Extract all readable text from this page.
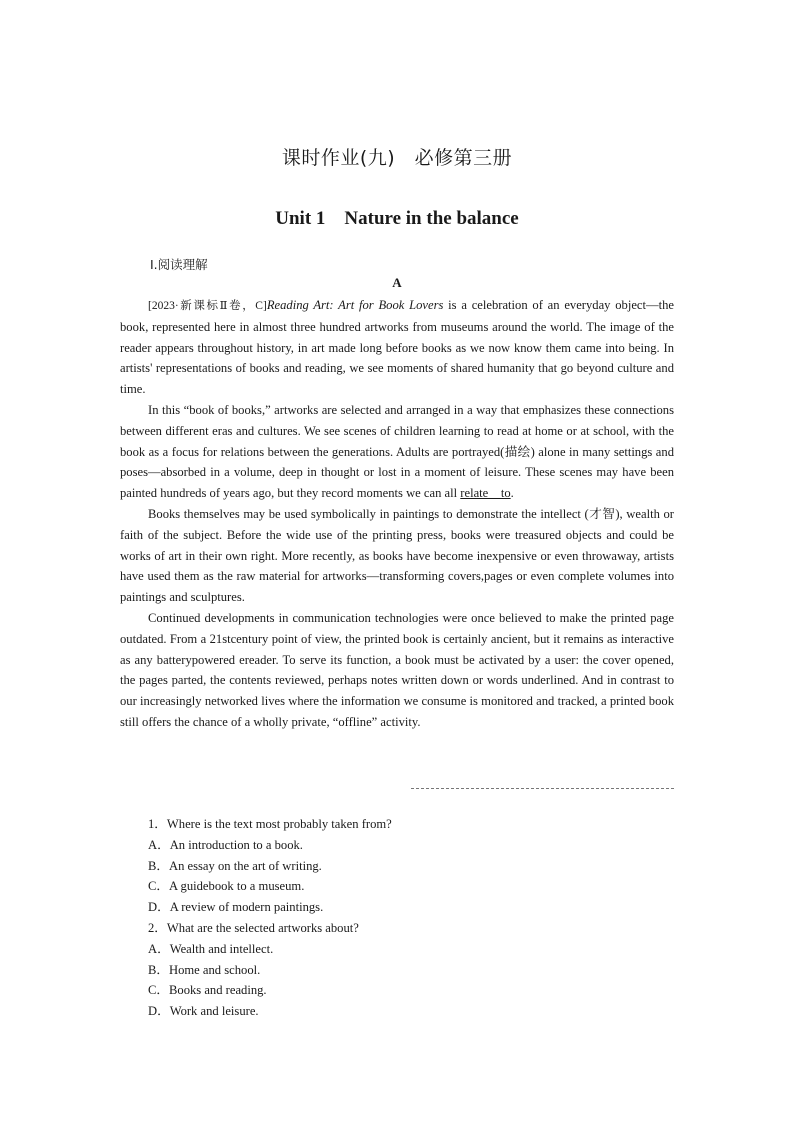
课时作业(九)　必修第三册
Unit 1　Nature in the balance
Ⅰ.阅读理解
A

[2023·新课标Ⅱ卷，C]Reading Art: Art for Book Lovers is a celebration of an everyday object—the book, represented here in almost three hundred artworks from museums around the world. The image of the reader appears throughout history, in art made long before books as we now know them came into being. In artists' representations of books and reading, we see moments of shared humanity that go beyond culture and time.

In this “book of books,” artworks are selected and arranged in a way that emphasizes these connections between different eras and cultures. We see scenes of children learning to read at home or at school, with the book as a focus for relations between the generations. Adults are portrayed(描绘) alone in many settings and poses—absorbed in a volume, deep in thought or lost in a moment of leisure. These scenes may have been painted hundreds of years ago, but they record moments we can all relate　to.

Books themselves may be used symbolically in paintings to demonstrate the intellect (才智), wealth or faith of the subject. Before the wide use of the printing press, books were treasured objects and could be works of art in their own right. More recently, as books have become inexpensive or even throwaway, artists have used them as the raw material for artworks—transforming covers,pages or even complete volumes into paintings and sculptures.

Continued developments in communication technologies were once believed to make the printed page outdated. From a 21stcentury point of view, the printed book is certainly ancient, but it remains as interactive as any batterypowered ereader. To serve its function, a book must be activated by a user: the cover opened, the pages parted, the contents reviewed, perhaps notes written down or words underlined. And in contrast to our increasingly networked lives where the information we consume is monitored and tracked, a printed book still offers the chance of a wholly private, “offline” activity.

1．Where is the text most probably taken from?
A．An introduction to a book.
B．An essay on the art of writing.
C．A guidebook to a museum.
D．A review of modern paintings.
2．What are the selected artworks about?
A．Wealth and intellect.
B．Home and school.
C．Books and reading.
D．Work and leisure.
